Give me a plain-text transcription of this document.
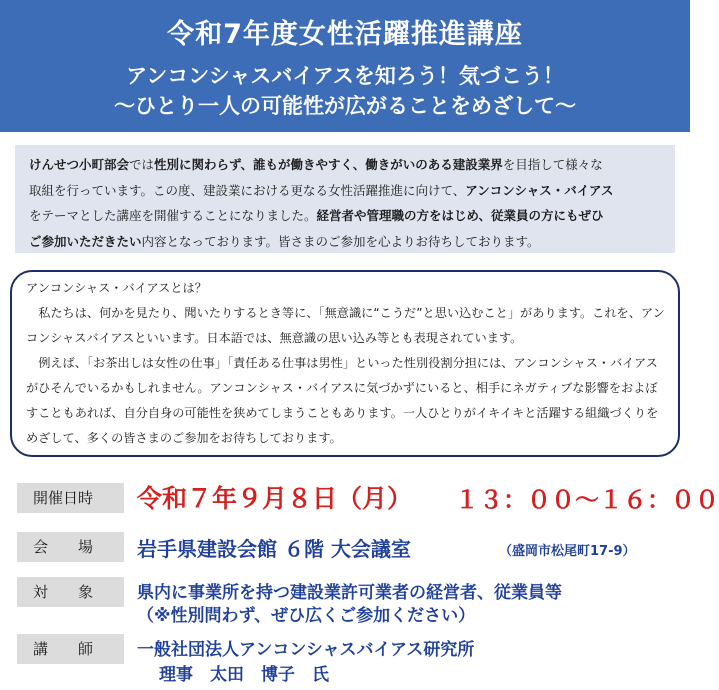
令和7年度女性活躍推進講座
アンコンシャスバイアスを知ろう！気づこう！
～ひとり一人の可能性が広がることをめざして～
けんせつ小町部会では性別に関わらず、誰もが働きやすく、働きがいのある建設業界を目指して様々な
取組を行っています。この度、建設業における更なる女性活躍推進に向けて、アンコンシャス・バイアス
をテーマとした講座を開催することになりました。経営者や管理職の方をはじめ、従業員の方にもぜひ
ご参加いただきたい内容となっております。皆さまのご参加を心よりお待ちしております。
アンコンシャス・バイアスとは？

私たちは、何かを見たり、聞いたりするとき等に、「無意識に“こうだ”と思い込むこと」があります。これを、アンコンシャスバイアスといいます。日本語では、無意識の思い込み等とも表現されています。

例えば、「お茶出しは女性の仕事」「責任ある仕事は男性」といった性別役割分担には、アンコンシャス・バイアスがひそんでいるかもしれません。アンコンシャス・バイアスに気づかずにいると、相手にネガティブな影響をおよぼすこともあれば、自分自身の可能性を狭めてしまうこともあります。一人ひとりがイキイキと活躍する組織づくりをめざして、多くの皆さまのご参加をお待ちしております。

開催日時	令和７年９月８日（月） １３：００～１６：００
会　　場	岩手県建設会館 ６階 大会議室	（盛岡市松尾町17-9）
対　　象	県内に事業所を持つ建設業許可業者の経営者、従業員等
（※性別問わず、ぜひ広くご参加ください）
講　　師	一般社団法人アンコンシャスバイアス研究所
理事　太田　博子　氏
